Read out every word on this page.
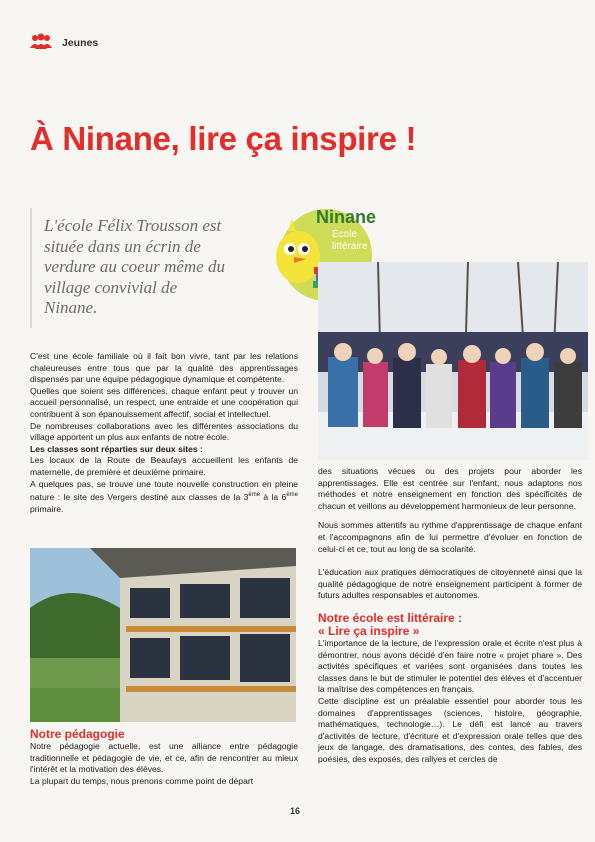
Jeunes
À Ninane, lire ça inspire !
L'école Félix Trousson est située dans un écrin de verdure au coeur même du village convivial de Ninane.
Ninane
École
littéraire

C'est une école familiale où il fait bon vivre, tant par les relations chaleureuses entre tous que par la qualité des apprentissages dispensés par une équipe pédagogique dynamique et compétente.

Quelles que soient ses différences, chaque enfant peut y trouver un accueil personnalisé, un respect, une entraide et une coopération qui contribuent à son épanouissement affectif, social et intellectuel.

De nombreuses collaborations avec les différentes associations du village apportent un plus aux enfants de notre école.

Les classes sont réparties sur deux sites :

Les locaux de la Route de Beaufays accueillent les enfants de maternelle, de première et deuxième primaire.

A quelques pas, se trouve une toute nouvelle construction en pleine nature : le site des Vergers destiné aux classes de la 3ème à la 6ème primaire.

Notre pédagogie

Notre pédagogie actuelle, est une alliance entre pédagogie traditionnelle et pédagogie de vie, et ce, afin de rencontrer au mieux l'intérêt et la motivation des élèves.

La plupart du temps, nous prenons comme point de départ

des situations vécues ou des projets pour aborder les apprentissages. Elle est centrée sur l'enfant, nous adaptons nos méthodes et notre enseignement en fonction des spécificités de chacun et veillons au développement harmonieux de leur personne.

Nous sommes attentifs au rythme d'apprentissage de chaque enfant et l'accompagnons afin de lui permettre d'évoluer en fonction de celui-ci et ce, tout au long de sa scolarité.

L'éducation aux pratiques démocratiques de citoyenneté ainsi que la qualité pédagogique de notre enseignement participent à former de futurs adultes responsables et autonomes.

Notre école est littéraire :

« Lire ça inspire »

L'importance de la lecture, de l'expression orale et écrite n'est plus à démontrer, nous avons décidé d'en faire notre « projet phare ». Des activités spécifiques et variées sont organisées dans toutes les classes dans le but de stimuler le potentiel des élèves et d'accentuer la maîtrise des compétences en français.

Cette discipline est un préalable essentiel pour aborder tous les domaines d'apprentissages (sciences, histoire, géographie, mathématiques, technologie…). Le défi est lancé au travers d'activités de lecture, d'écriture et d'expression orale telles que des jeux de langage, des dramatisations, des contes, des fables, des poésies, des exposés, des rallyes et cercles de

16
